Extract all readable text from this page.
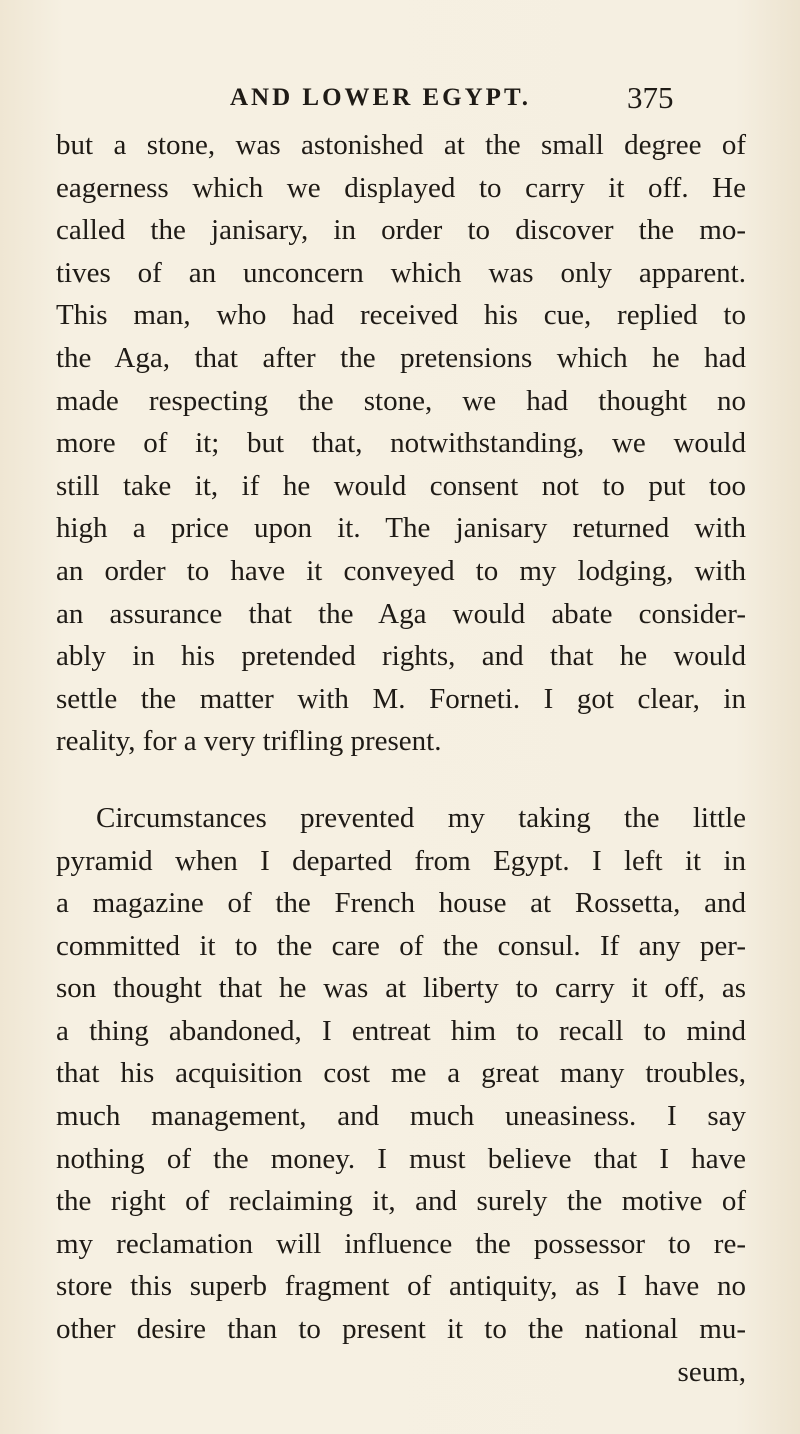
AND LOWER EGYPT.	375
but a stone, was astonished at the small degree of
eagerness which we displayed to carry it off. He
called the janisary, in order to discover the mo-
tives of an unconcern which was only apparent.
This man, who had received his cue, replied to
the Aga, that after the pretensions which he had
made respecting the stone, we had thought no
more of it; but that, notwithstanding, we would
still take it, if he would consent not to put too
high a price upon it. The janisary returned with
an order to have it conveyed to my lodging, with
an assurance that the Aga would abate consider-
ably in his pretended rights, and that he would
settle the matter with M. Forneti. I got clear, in
reality, for a very trifling present.
Circumstances prevented my taking the little
pyramid when I departed from Egypt. I left it in
a magazine of the French house at Rossetta, and
committed it to the care of the consul. If any per-
son thought that he was at liberty to carry it off, as
a thing abandoned, I entreat him to recall to mind
that his acquisition cost me a great many troubles,
much management, and much uneasiness. I say
nothing of the money. I must believe that I have
the right of reclaiming it, and surely the motive of
my reclamation will influence the possessor to re-
store this superb fragment of antiquity, as I have no
other desire than to present it to the national mu-
seum,
